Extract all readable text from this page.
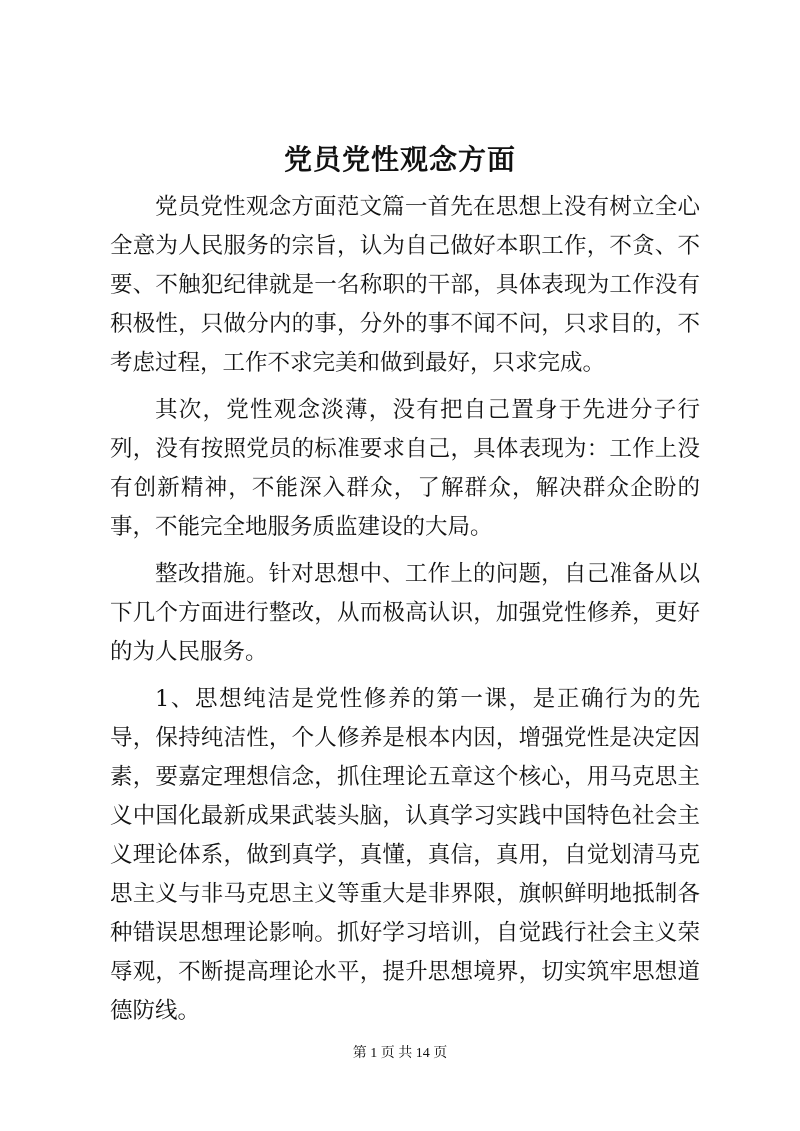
党员党性观念方面

党员党性观念方面范文篇一首先在思想上没有树立全心全意为人民服务的宗旨，认为自己做好本职工作，不贪、不要、不触犯纪律就是一名称职的干部，具体表现为工作没有积极性，只做分内的事，分外的事不闻不问，只求目的，不考虑过程，工作不求完美和做到最好，只求完成。

其次，党性观念淡薄，没有把自己置身于先进分子行列，没有按照党员的标准要求自己，具体表现为：工作上没有创新精神，不能深入群众，了解群众，解决群众企盼的事，不能完全地服务质监建设的大局。

整改措施。针对思想中、工作上的问题，自己准备从以下几个方面进行整改，从而极高认识，加强党性修养，更好的为人民服务。

1、思想纯洁是党性修养的第一课，是正确行为的先导，保持纯洁性，个人修养是根本内因，增强党性是决定因素，要嘉定理想信念，抓住理论五章这个核心，用马克思主义中国化最新成果武装头脑，认真学习实践中国特色社会主义理论体系，做到真学，真懂，真信，真用，自觉划清马克思主义与非马克思主义等重大是非界限，旗帜鲜明地抵制各种错误思想理论影响。抓好学习培训，自觉践行社会主义荣辱观，不断提高理论水平，提升思想境界，切实筑牢思想道德防线。

第 1 页 共 14 页
